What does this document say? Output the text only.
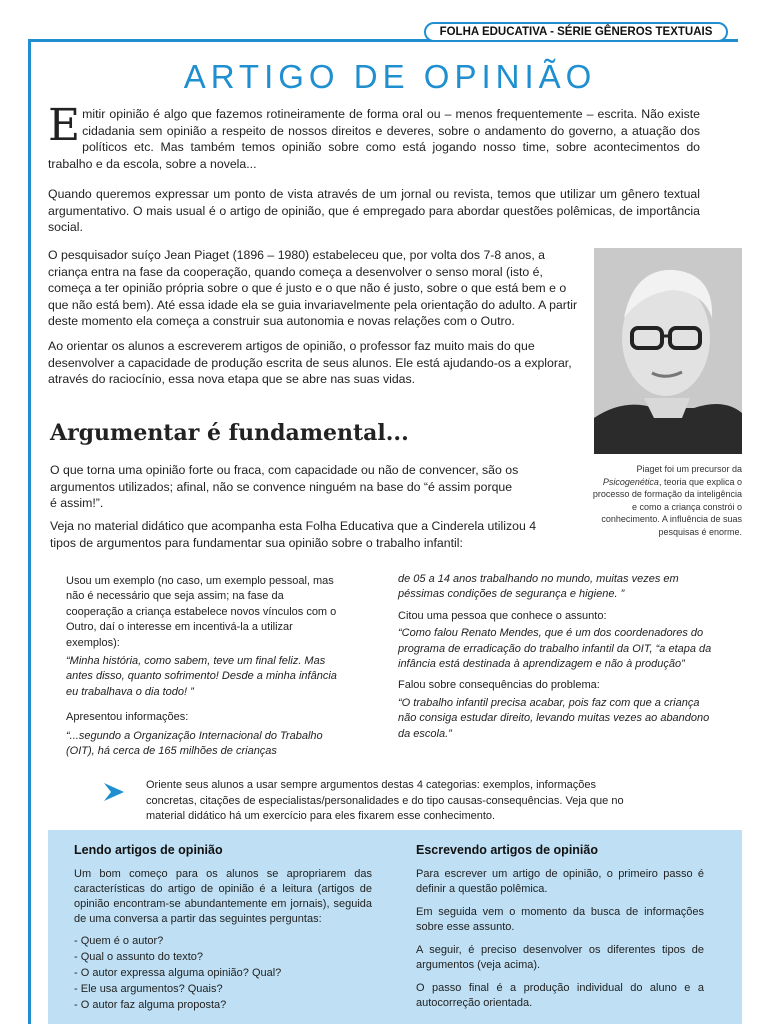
FOLHA EDUCATIVA - SÉRIE GÊNEROS TEXTUAIS
ARTIGO DE OPINIÃO
Emitir opinião é algo que fazemos rotineiramente de forma oral ou – menos frequentemente – escrita. Não existe cidadania sem opinião a respeito de nossos direitos e deveres, sobre o andamento do governo, a atuação dos políticos etc. Mas também temos opinião sobre como está jogando nosso time, sobre acontecimentos do trabalho e da escola, sobre a novela...
Quando queremos expressar um ponto de vista através de um jornal ou revista, temos que utilizar um gênero textual argumentativo. O mais usual é o artigo de opinião, que é empregado para abordar questões polêmicas, de importância social.
O pesquisador suíço Jean Piaget (1896 – 1980) estabeleceu que, por volta dos 7-8 anos, a criança entra na fase da cooperação, quando começa a desenvolver o senso moral (isto é, começa a ter opinião própria sobre o que é justo e o que não é justo, sobre o que está bem e o que não está bem). Até essa idade ela se guia invariavelmente pela orientação do adulto. A partir deste momento ela começa a construir sua autonomia e novas relações com o Outro.
Ao orientar os alunos a escreverem artigos de opinião, o professor faz muito mais do que desenvolver a capacidade de produção escrita de seus alunos. Ele está ajudando-os a explorar, através do raciocínio, essa nova etapa que se abre nas suas vidas.
Piaget foi um precursor da Psicogenética, teoria que explica o processo de formação da inteligência e como a criança constrói o conhecimento. A influência de suas pesquisas é enorme.
Argumentar é fundamental...
O que torna uma opinião forte ou fraca, com capacidade ou não de convencer, são os argumentos utilizados; afinal, não se convence ninguém na base do “é assim porque é assim!”.
Veja no material didático que acompanha esta Folha Educativa que a Cinderela utilizou 4 tipos de argumentos para fundamentar sua opinião sobre o trabalho infantil:
Usou um exemplo (no caso, um exemplo pessoal, mas não é necessário que seja assim; na fase da cooperação a criança estabelece novos vínculos com o Outro, daí o interesse em incentivá-la a utilizar exemplos):
“Minha história, como sabem, teve um final feliz. Mas antes disso, quanto sofrimento! Desde a minha infância eu trabalhava o dia todo! ”
Apresentou informações:
“...segundo a Organização Internacional do Trabalho (OIT), há cerca de 165 milhões de crianças
de 05 a 14 anos trabalhando no mundo, muitas vezes em péssimas condições de segurança e higiene. ”
Citou uma pessoa que conhece o assunto:
“Como falou Renato Mendes, que é um dos coordenadores do programa de erradicação do trabalho infantil da OIT, “a etapa da infância está destinada à aprendizagem e não à produção”
Falou sobre consequências do problema:
“O trabalho infantil precisa acabar, pois faz com que a criança não consiga estudar direito, levando muitas vezes ao abandono da escola.”
Oriente seus alunos a usar sempre argumentos destas 4 categorias: exemplos, informações concretas, citações de especialistas/personalidades e do tipo causas-consequências. Veja que no material didático há um exercício para eles fixarem esse conhecimento.
Lendo artigos de opinião
Um bom começo para os alunos se apropriarem das características do artigo de opinião é a leitura (artigos de opinião encontram-se abundantemente em jornais), seguida de uma conversa a partir das seguintes perguntas:
- Quem é o autor?
- Qual o assunto do texto?
- O autor expressa alguma opinião? Qual?
- Ele usa argumentos? Quais?
- O autor faz alguma proposta?
Escrevendo artigos de opinião
Para escrever um artigo de opinião, o primeiro passo é definir a questão polêmica.
Em seguida vem o momento da busca de informações sobre esse assunto.
A seguir, é preciso desenvolver os diferentes tipos de argumentos (veja acima).
O passo final é a produção individual do aluno e a autocorreção orientada.
